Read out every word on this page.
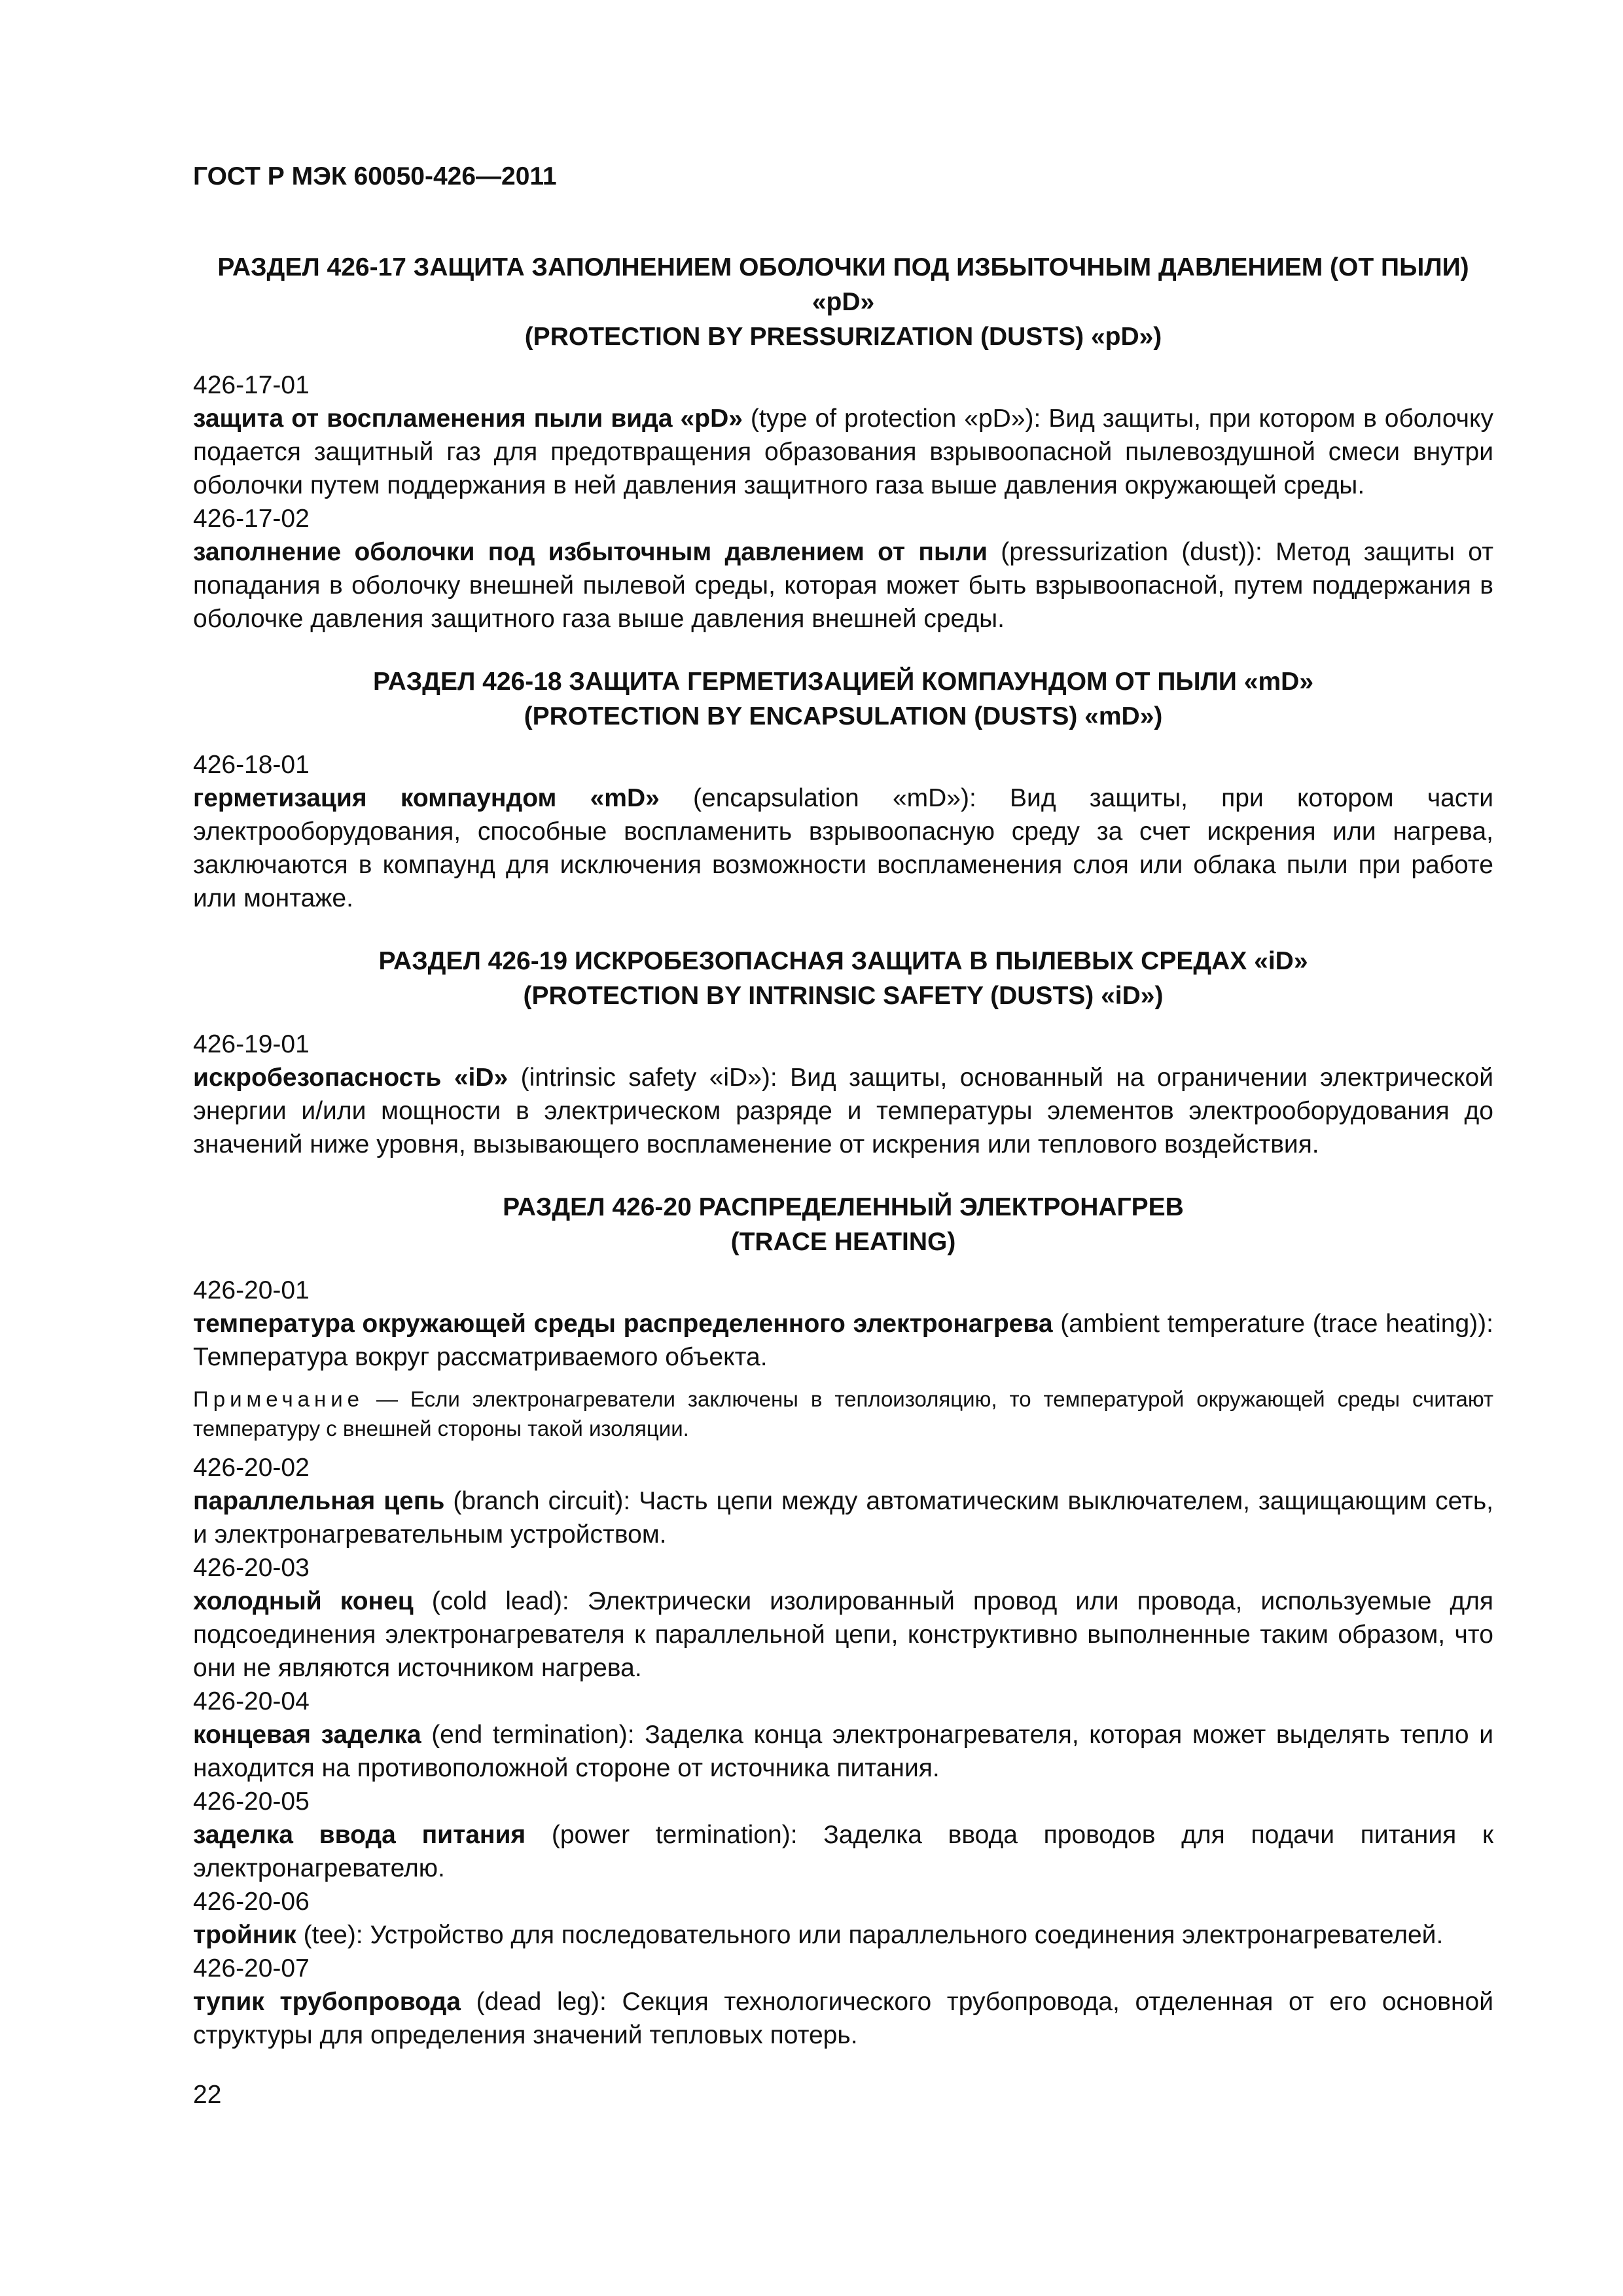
ГОСТ Р МЭК 60050-426—2011
РАЗДЕЛ 426-17 ЗАЩИТА ЗАПОЛНЕНИЕМ ОБОЛОЧКИ ПОД ИЗБЫТОЧНЫМ ДАВЛЕНИЕМ (ОТ ПЫЛИ) «pD»
(PROTECTION BY PRESSURIZATION (DUSTS) «pD»)
426-17-01
защита от воспламенения пыли вида «pD» (type of protection «pD»): Вид защиты, при котором в оболочку подается защитный газ для предотвращения образования взрывоопасной пылевоздушной смеси внутри оболочки путем поддержания в ней давления защитного газа выше давления окружающей среды.
426-17-02
заполнение оболочки под избыточным давлением от пыли (pressurization (dust)): Метод защиты от попадания в оболочку внешней пылевой среды, которая может быть взрывоопасной, путем поддержания в оболочке давления защитного газа выше давления внешней среды.
РАЗДЕЛ 426-18 ЗАЩИТА ГЕРМЕТИЗАЦИЕЙ КОМПАУНДОМ ОТ ПЫЛИ «mD»
(PROTECTION BY ENCAPSULATION (DUSTS) «mD»)
426-18-01
герметизация компаундом «mD» (encapsulation «mD»): Вид защиты, при котором части электрооборудования, способные воспламенить взрывоопасную среду за счет искрения или нагрева, заключаются в компаунд для исключения возможности воспламенения слоя или облака пыли при работе или монтаже.
РАЗДЕЛ 426-19 ИСКРОБЕЗОПАСНАЯ ЗАЩИТА В ПЫЛЕВЫХ СРЕДАХ «iD»
(PROTECTION BY INTRINSIC SAFETY (DUSTS) «iD»)
426-19-01
искробезопасность «iD» (intrinsic safety «iD»): Вид защиты, основанный на ограничении электрической энергии и/или мощности в электрическом разряде и температуры элементов электрооборудования до значений ниже уровня, вызывающего воспламенение от искрения или теплового воздействия.
РАЗДЕЛ 426-20 РАСПРЕДЕЛЕННЫЙ ЭЛЕКТРОНАГРЕВ
(TRACE HEATING)
426-20-01
температура окружающей среды распределенного электронагрева (ambient temperature (trace heating)): Температура вокруг рассматриваемого объекта.
Примечание — Если электронагреватели заключены в теплоизоляцию, то температурой окружающей среды считают температуру с внешней стороны такой изоляции.
426-20-02
параллельная цепь (branch circuit): Часть цепи между автоматическим выключателем, защищающим сеть, и электронагревательным устройством.
426-20-03
холодный конец (cold lead): Электрически изолированный провод или провода, используемые для подсоединения электронагревателя к параллельной цепи, конструктивно выполненные таким образом, что они не являются источником нагрева.
426-20-04
концевая заделка (end termination): Заделка конца электронагревателя, которая может выделять тепло и находится на противоположной стороне от источника питания.
426-20-05
заделка ввода питания (power termination): Заделка ввода проводов для подачи питания к электронагревателю.
426-20-06
тройник (tee): Устройство для последовательного или параллельного соединения электронагревателей.
426-20-07
тупик трубопровода (dead leg): Секция технологического трубопровода, отделенная от его основной структуры для определения значений тепловых потерь.
22
